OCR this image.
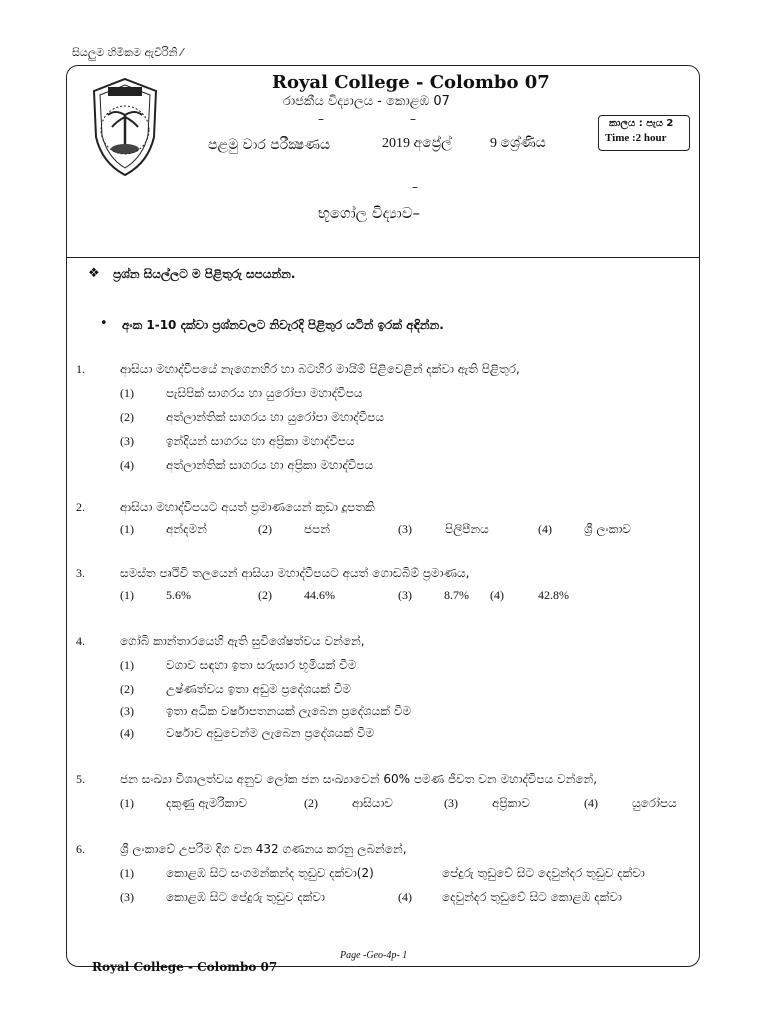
සියලුම හිමිකම ඇවිරිනි ⁄
Royal College - Colombo 07
රාජකීය විද්‍යාලය - කොළඹ 07
–	–
පළමු වාර පරීක්‍ෂණය	2019 අප්‍රේල්	9 ශ්‍රේණිය
කාලය : පැය 2
Time :2 hour
–
භූගෝල විද්‍යාව–
❖ ප්‍රශ්න සියල්ලට ම පිළිතුරු සපයන්න.
• අංක 1-10 දක්වා ප්‍රශ්නවලට නිවැරදි පිළිතුර යටින් ඉරක් අඳින්න.
1.	ආසියා මහාද්වීපයේ නැගෙනහිර හා බටහිර මායිම් පිළිවෙළින් දක්වා ඇති පිළිතුර,
(1)	පැසිපික් සාගරය හා යුරෝපා මහාද්වීපය
(2)	අත්ලාන්තික් සාගරය හා යුරෝපා මහාද්වීපය
(3)	ඉන්දියන් සාගරය හා අප්‍රිකා මහාද්වීපය
(4)	අත්ලාන්තික් සාගරය හා අප්‍රිකා මහාද්වීපය
2.	ආසියා මහාද්වීපයට අයත් ප්‍රමාණයෙන් කුඩා දූපතකි
(1)	අන්දමන්	(2)	ජපන්	(3)	පිලිපීනය	(4)	ශ්‍රී ලංකාව
3.	සමස්ත පෘථිවි තලයෙන් ආසියා මහාද්වීපයට අයත් ගොඩබිම් ප්‍රමාණය,
(1)	5.6%	(2)	44.6%	(3)	8.7% (4)	42.8%
4.	ගෝබි කාන්තාරයෙහි ඇති සුවිශේෂත්වය වන්නේ,
(1)	වගාව සඳහා ඉතා සරුසාර භූමියක් වීම
(2)	උෂ්ණත්වය ඉතා අඩුම ප්‍රදේශයක් වීම
(3)	ඉතා අධික වර්ෂාපතනයක් ලැබෙන ප්‍රදේශයක් වීම
(4)	වර්ෂාව අඩුවෙන්ම ලැබෙන ප්‍රදේශයක් වීම
5.	ජන සංඛ්‍යා විශාලත්වය අනුව ලෝක ජන සංඛ්‍යාවෙන් 60% පමණ ජීවත වන මහාද්වීපය වන්නේ,
(1)	දකුණු ඇමරිකාව	(2)	ආසියාව	(3)	අප්‍රිකාව	(4)	යුරෝපය
6.	ශ්‍රී ලංකාවේ උපරිම දිග වන 432 ගණනය කරනු ලබන්නේ,
(1)	කොළඹ සිට සංගමන්කන්ද තුඩුව දක්වා(2)	පේදුරු තුඩුවේ සිට දෙවුන්දර තුඩුව දක්වා
(3)	කොළඹ සිට පේදුරු තුඩුව දක්වා	(4)	දෙවුන්දර තුඩුවේ සිට කොළඹ දක්වා
Page -Geo-4p- 1
Royal College - Colombo 07
